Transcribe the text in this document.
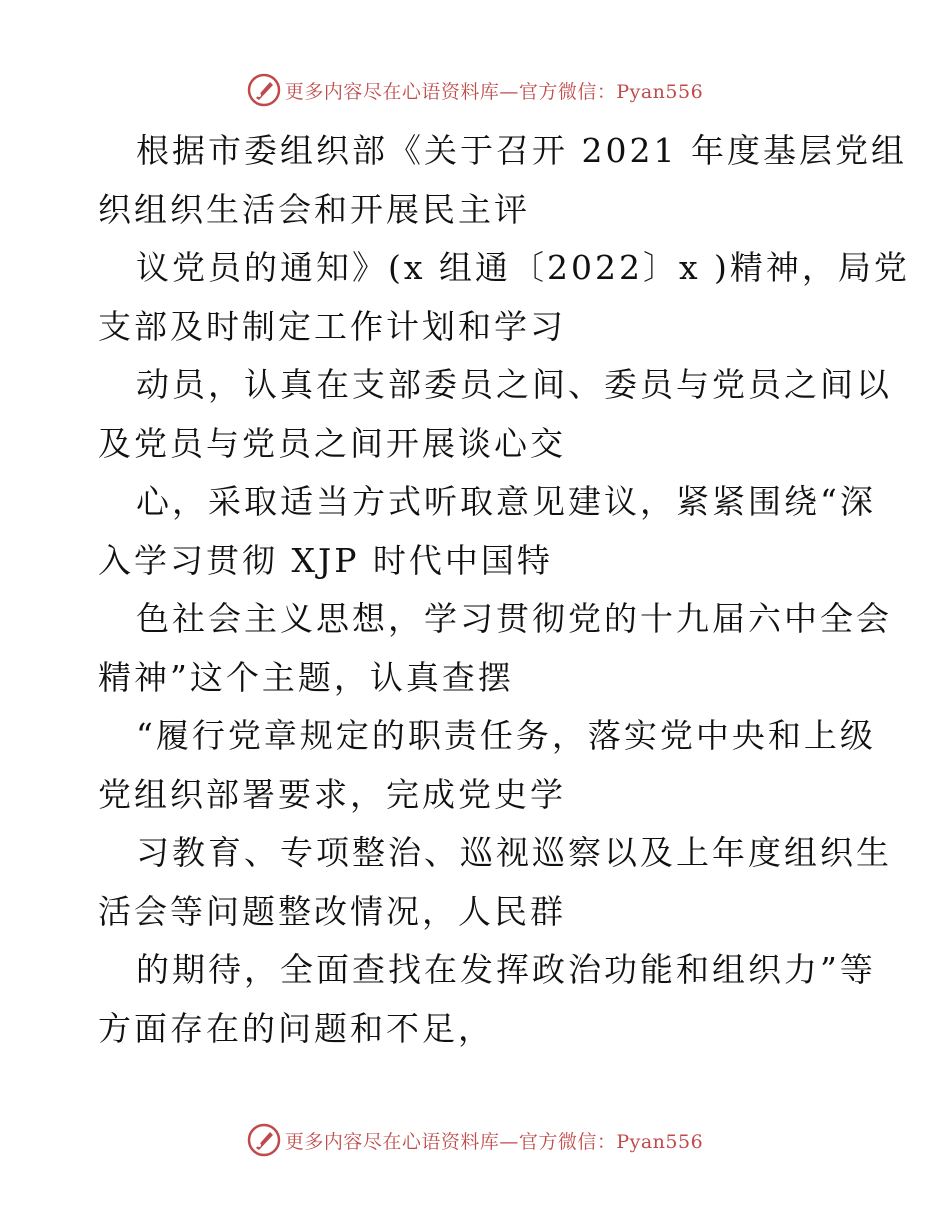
更多内容尽在心语资料库—官方微信：Pyan556
根据市委组织部《关于召开 2021 年度基层党组
织组织生活会和开展民主评
议党员的通知》(x 组通〔2022〕x )精神，局党
支部及时制定工作计划和学习
动员，认真在支部委员之间、委员与党员之间以
及党员与党员之间开展谈心交
心，采取适当方式听取意见建议，紧紧围绕“深
入学习贯彻 XJP 时代中国特
色社会主义思想，学习贯彻党的十九届六中全会
精神”这个主题，认真查摆
“履行党章规定的职责任务，落实党中央和上级
党组织部署要求，完成党史学
习教育、专项整治、巡视巡察以及上年度组织生
活会等问题整改情况，人民群
的期待，全面查找在发挥政治功能和组织力”等
方面存在的问题和不足，
更多内容尽在心语资料库—官方微信：Pyan556
